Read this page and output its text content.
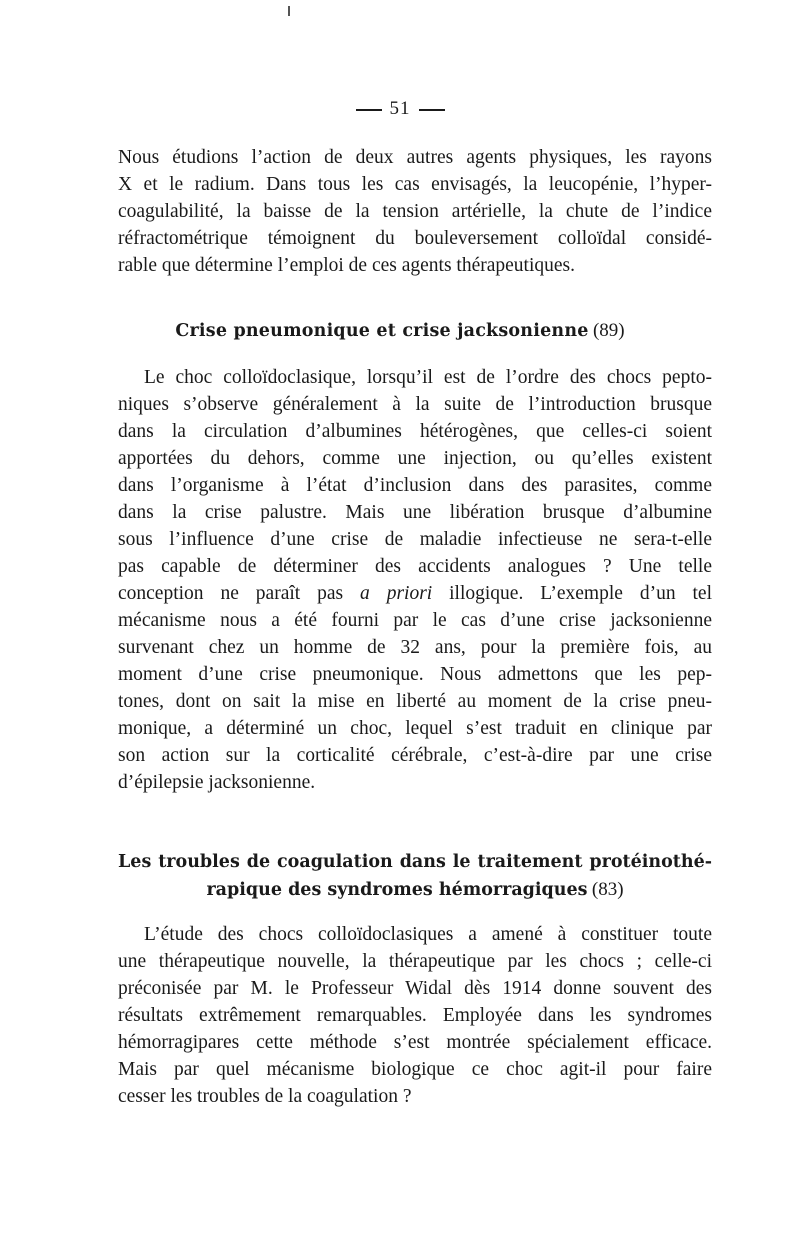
51
Nous étudions l’action de deux autres agents physiques, les rayons
X et le radium. Dans tous les cas envisagés, la leucopénie, l’hyper-
coagulabilité, la baisse de la tension artérielle, la chute de l’indice
réfractométrique témoignent du bouleversement colloïdal considé-
rable que détermine l’emploi de ces agents thérapeutiques.
Crise pneumonique et crise jacksonienne (89)
Le choc colloïdoclasique, lorsqu’il est de l’ordre des chocs pepto-
niques s’observe généralement à la suite de l’introduction brusque
dans la circulation d’albumines hétérogènes, que celles-ci soient
apportées du dehors, comme une injection, ou qu’elles existent
dans l’organisme à l’état d’inclusion dans des parasites, comme
dans la crise palustre. Mais une libération brusque d’albumine
sous l’influence d’une crise de maladie infectieuse ne sera-t-elle
pas capable de déterminer des accidents analogues ? Une telle
conception ne paraît pas a priori illogique. L’exemple d’un tel
mécanisme nous a été fourni par le cas d’une crise jacksonienne
survenant chez un homme de 32 ans, pour la première fois, au
moment d’une crise pneumonique. Nous admettons que les pep-
tones, dont on sait la mise en liberté au moment de la crise pneu-
monique, a déterminé un choc, lequel s’est traduit en clinique par
son action sur la corticalité cérébrale, c’est-à-dire par une crise
d’épilepsie jacksonienne.
Les troubles de coagulation dans le traitement protéinothé-
rapique des syndromes hémorragiques (83)
L’étude des chocs colloïdoclasiques a amené à constituer toute
une thérapeutique nouvelle, la thérapeutique par les chocs ; celle-ci
préconisée par M. le Professeur Widal dès 1914 donne souvent des
résultats extrêmement remarquables. Employée dans les syndromes
hémorragipares cette méthode s’est montrée spécialement efficace.
Mais par quel mécanisme biologique ce choc agit-il pour faire
cesser les troubles de la coagulation ?
